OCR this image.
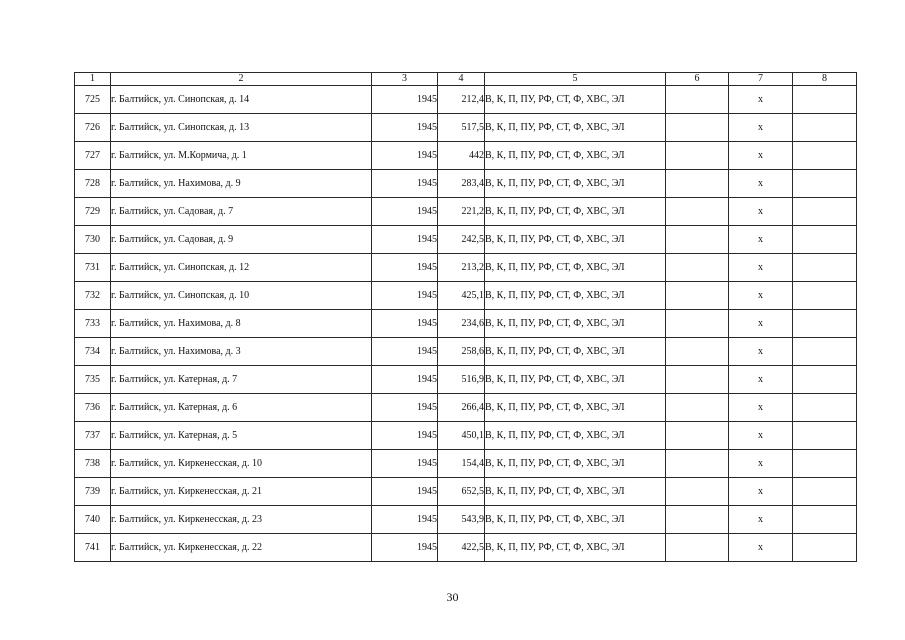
1	2	3	4	5	6	7	8
725	г. Балтийск, ул. Синопская, д. 14	1945	212,4	В, К, П, ПУ, РФ, СТ, Ф, ХВС, ЭЛ		х	
726	г. Балтийск, ул. Синопская, д. 13	1945	517,5	В, К, П, ПУ, РФ, СТ, Ф, ХВС, ЭЛ		х	
727	г. Балтийск, ул. М.Кормича, д. 1	1945	442	В, К, П, ПУ, РФ, СТ, Ф, ХВС, ЭЛ		х	
728	г. Балтийск, ул. Нахимова, д. 9	1945	283,4	В, К, П, ПУ, РФ, СТ, Ф, ХВС, ЭЛ		х	
729	г. Балтийск, ул. Садовая, д. 7	1945	221,2	В, К, П, ПУ, РФ, СТ, Ф, ХВС, ЭЛ		х	
730	г. Балтийск, ул. Садовая, д. 9	1945	242,5	В, К, П, ПУ, РФ, СТ, Ф, ХВС, ЭЛ		х	
731	г. Балтийск, ул. Синопская, д. 12	1945	213,2	В, К, П, ПУ, РФ, СТ, Ф, ХВС, ЭЛ		х	
732	г. Балтийск, ул. Синопская, д. 10	1945	425,1	В, К, П, ПУ, РФ, СТ, Ф, ХВС, ЭЛ		х	
733	г. Балтийск, ул. Нахимова, д. 8	1945	234,6	В, К, П, ПУ, РФ, СТ, Ф, ХВС, ЭЛ		х	
734	г. Балтийск, ул. Нахимова, д. 3	1945	258,6	В, К, П, ПУ, РФ, СТ, Ф, ХВС, ЭЛ		х	
735	г. Балтийск, ул. Катерная, д. 7	1945	516,9	В, К, П, ПУ, РФ, СТ, Ф, ХВС, ЭЛ		х	
736	г. Балтийск, ул. Катерная, д. 6	1945	266,4	В, К, П, ПУ, РФ, СТ, Ф, ХВС, ЭЛ		х	
737	г. Балтийск, ул. Катерная, д. 5	1945	450,1	В, К, П, ПУ, РФ, СТ, Ф, ХВС, ЭЛ		х	
738	г. Балтийск, ул. Киркенесская, д. 10	1945	154,4	В, К, П, ПУ, РФ, СТ, Ф, ХВС, ЭЛ		х	
739	г. Балтийск, ул. Киркенесская, д. 21	1945	652,5	В, К, П, ПУ, РФ, СТ, Ф, ХВС, ЭЛ		х	
740	г. Балтийск, ул. Киркенесская, д. 23	1945	543,9	В, К, П, ПУ, РФ, СТ, Ф, ХВС, ЭЛ		х	
741	г. Балтийск, ул. Киркенесская, д. 22	1945	422,5	В, К, П, ПУ, РФ, СТ, Ф, ХВС, ЭЛ		х	
30
